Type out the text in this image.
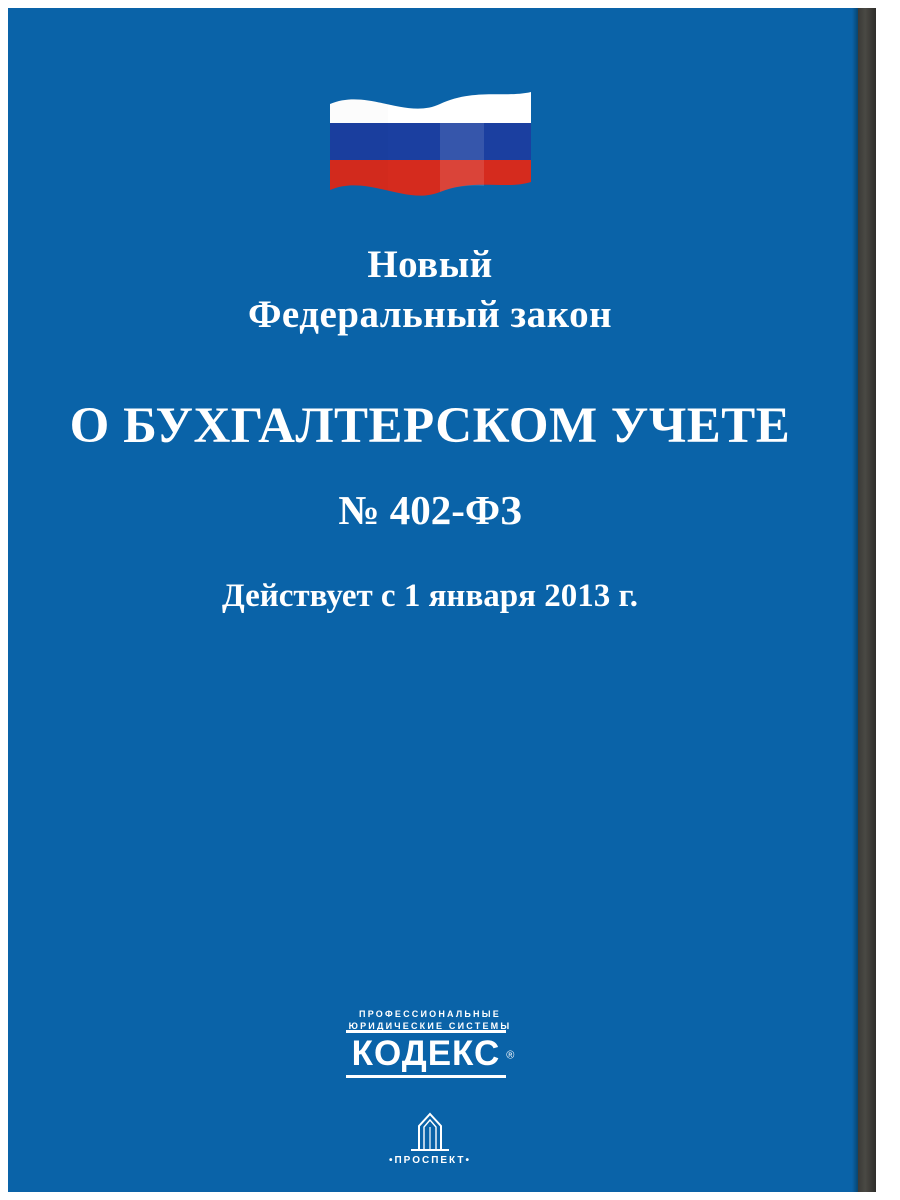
Новый
Федеральный закон
О БУХГАЛТЕРСКОМ УЧЕТЕ
№ 402-ФЗ
Действует с 1 января 2013 г.
ПРОФЕССИОНАЛЬНЫЕ
ЮРИДИЧЕСКИЕ СИСТЕМЫ
КОДЕКС ®
•ПРОСПЕКТ•
